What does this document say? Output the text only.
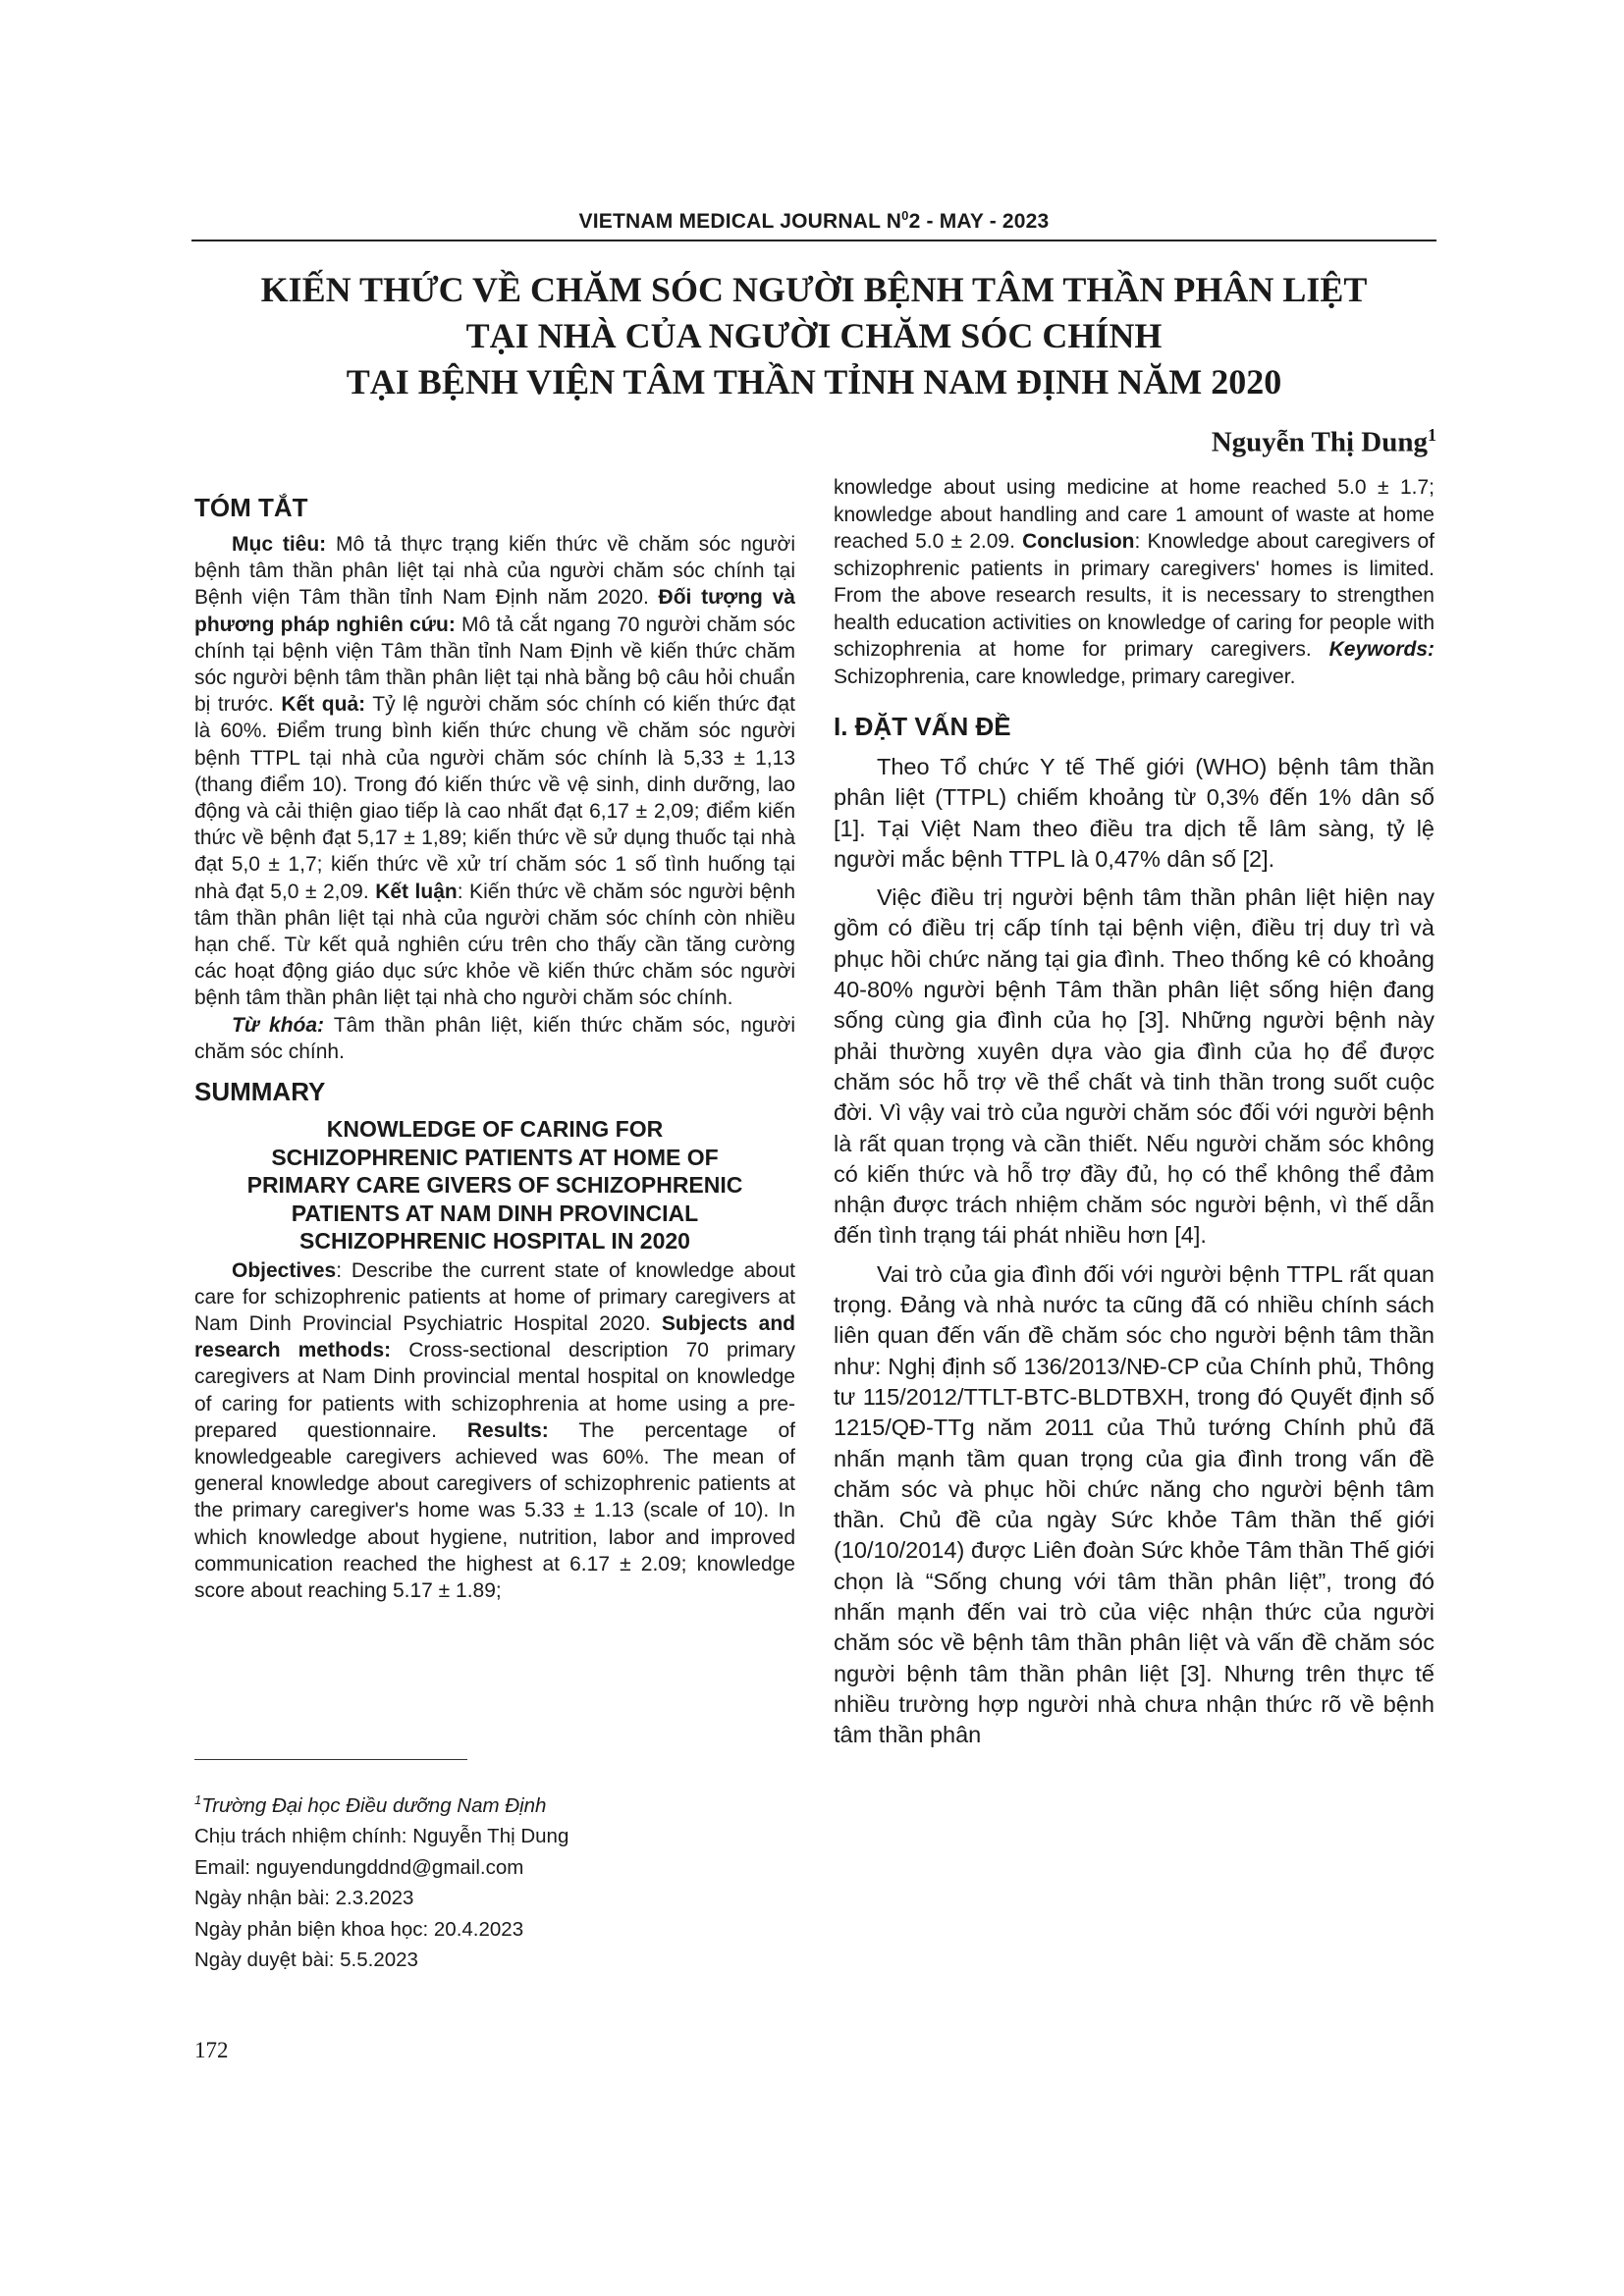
VIETNAM MEDICAL JOURNAL $N^02$ - MAY - 2023
KIẾN THỨC VỀ CHĂM SÓC NGƯỜI BỆNH TÂM THẦN PHÂN LIỆT
TẠI NHÀ CỦA NGƯỜI CHĂM SÓC CHÍNH
TẠI BỆNH VIỆN TÂM THẦN TỈNH NAM ĐỊNH NĂM 2020
Nguyễn Thị Dung$^1$
TÓM TẮT

Mục tiêu: Mô tả thực trạng kiến thức về chăm sóc người bệnh tâm thần phân liệt tại nhà của người chăm sóc chính tại Bệnh viện Tâm thần tỉnh Nam Định năm 2020. Đối tượng và phương pháp nghiên cứu: Mô tả cắt ngang 70 người chăm sóc chính tại bệnh viện Tâm thần tỉnh Nam Định về kiến thức chăm sóc người bệnh tâm thần phân liệt tại nhà bằng bộ câu hỏi chuẩn bị trước. Kết quả: Tỷ lệ người chăm sóc chính có kiến thức đạt là 60%. Điểm trung bình kiến thức chung về chăm sóc người bệnh TTPL tại nhà của người chăm sóc chính là 5,33 ± 1,13 (thang điểm 10). Trong đó kiến thức về vệ sinh, dinh dưỡng, lao động và cải thiện giao tiếp là cao nhất đạt 6,17 ± 2,09; điểm kiến thức về bệnh đạt 5,17 ± 1,89; kiến thức về sử dụng thuốc tại nhà đạt 5,0 ± 1,7; kiến thức về xử trí chăm sóc 1 số tình huống tại nhà đạt 5,0 ± 2,09. Kết luận: Kiến thức về chăm sóc người bệnh tâm thần phân liệt tại nhà của người chăm sóc chính còn nhiều hạn chế. Từ kết quả nghiên cứu trên cho thấy cần tăng cường các hoạt động giáo dục sức khỏe về kiến thức chăm sóc người bệnh tâm thần phân liệt tại nhà cho người chăm sóc chính.

Từ khóa: Tâm thần phân liệt, kiến thức chăm sóc, người chăm sóc chính.

SUMMARY
KNOWLEDGE OF CARING FOR
SCHIZOPHRENIC PATIENTS AT HOME OF
PRIMARY CARE GIVERS OF SCHIZOPHRENIC
PATIENTS AT NAM DINH PROVINCIAL
SCHIZOPHRENIC HOSPITAL IN 2020

Objectives: Describe the current state of knowledge about care for schizophrenic patients at home of primary caregivers at Nam Dinh Provincial Psychiatric Hospital 2020. Subjects and research methods: Cross-sectional description 70 primary caregivers at Nam Dinh provincial mental hospital on knowledge of caring for patients with schizophrenia at home using a pre-prepared questionnaire. Results: The percentage of knowledgeable caregivers achieved was 60%. The mean of general knowledge about caregivers of schizophrenic patients at the primary caregiver's home was 5.33 ± 1.13 (scale of 10). In which knowledge about hygiene, nutrition, labor and improved communication reached the highest at 6.17 ± 2.09; knowledge score about reaching 5.17 ± 1.89;

$^1$Trường Đại học Điều dưỡng Nam Định
Chịu trách nhiệm chính: Nguyễn Thị Dung
Email: nguyendungddnd@gmail.com
Ngày nhận bài: 2.3.2023
Ngày phản biện khoa học: 20.4.2023
Ngày duyệt bài: 5.5.2023
172

knowledge about using medicine at home reached 5.0 ± 1.7; knowledge about handling and care 1 amount of waste at home reached 5.0 ± 2.09. Conclusion: Knowledge about caregivers of schizophrenic patients in primary caregivers' homes is limited. From the above research results, it is necessary to strengthen health education activities on knowledge of caring for people with schizophrenia at home for primary caregivers. Keywords: Schizophrenia, care knowledge, primary caregiver.

I. ĐẶT VẤN ĐỀ

Theo Tổ chức Y tế Thế giới (WHO) bệnh tâm thần phân liệt (TTPL) chiếm khoảng từ 0,3% đến 1% dân số [1]. Tại Việt Nam theo điều tra dịch tễ lâm sàng, tỷ lệ người mắc bệnh TTPL là 0,47% dân số [2].

Việc điều trị người bệnh tâm thần phân liệt hiện nay gồm có điều trị cấp tính tại bệnh viện, điều trị duy trì và phục hồi chức năng tại gia đình. Theo thống kê có khoảng 40-80% người bệnh Tâm thần phân liệt sống hiện đang sống cùng gia đình của họ [3]. Những người bệnh này phải thường xuyên dựa vào gia đình của họ để được chăm sóc hỗ trợ về thể chất và tinh thần trong suốt cuộc đời. Vì vậy vai trò của người chăm sóc đối với người bệnh là rất quan trọng và cần thiết. Nếu người chăm sóc không có kiến thức và hỗ trợ đầy đủ, họ có thể không thể đảm nhận được trách nhiệm chăm sóc người bệnh, vì thế dẫn đến tình trạng tái phát nhiều hơn [4].

Vai trò của gia đình đối với người bệnh TTPL rất quan trọng. Đảng và nhà nước ta cũng đã có nhiều chính sách liên quan đến vấn đề chăm sóc cho người bệnh tâm thần như: Nghị định số 136/2013/NĐ-CP của Chính phủ, Thông tư 115/2012/TTLT-BTC-BLDTBXH, trong đó Quyết định số 1215/QĐ-TTg năm 2011 của Thủ tướng Chính phủ đã nhấn mạnh tầm quan trọng của gia đình trong vấn đề chăm sóc và phục hồi chức năng cho người bệnh tâm thần. Chủ đề của ngày Sức khỏe Tâm thần thế giới (10/10/2014) được Liên đoàn Sức khỏe Tâm thần Thế giới chọn là “Sống chung với tâm thần phân liệt”, trong đó nhấn mạnh đến vai trò của việc nhận thức của người chăm sóc về bệnh tâm thần phân liệt và vấn đề chăm sóc người bệnh tâm thần phân liệt [3]. Nhưng trên thực tế nhiều trường hợp người nhà chưa nhận thức rõ về bệnh tâm thần phân
